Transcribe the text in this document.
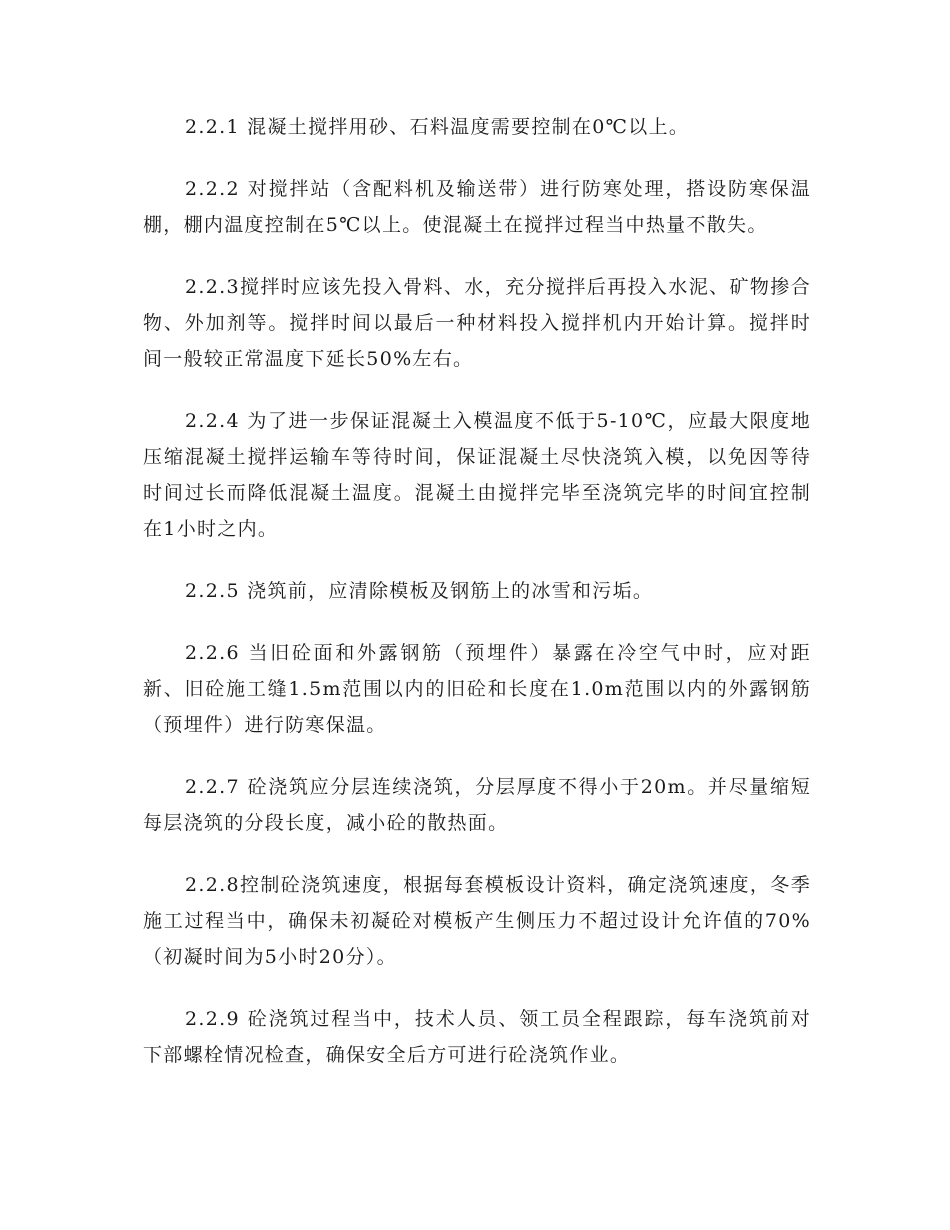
2.2.1 混凝土搅拌用砂、石料温度需要控制在0℃以上。

2.2.2 对搅拌站（含配料机及输送带）进行防寒处理，搭设防寒保温棚，棚内温度控制在5℃以上。使混凝土在搅拌过程当中热量不散失。

2.2.3搅拌时应该先投入骨料、水，充分搅拌后再投入水泥、矿物掺合物、外加剂等。搅拌时间以最后一种材料投入搅拌机内开始计算。搅拌时间一般较正常温度下延长50%左右。

2.2.4 为了进一步保证混凝土入模温度不低于5-10℃，应最大限度地压缩混凝土搅拌运输车等待时间，保证混凝土尽快浇筑入模，以免因等待时间过长而降低混凝土温度。混凝土由搅拌完毕至浇筑完毕的时间宜控制在1小时之内。

2.2.5 浇筑前，应清除模板及钢筋上的冰雪和污垢。

2.2.6 当旧砼面和外露钢筋（预埋件）暴露在冷空气中时，应对距新、旧砼施工缝1.5m范围以内的旧砼和长度在1.0m范围以内的外露钢筋（预埋件）进行防寒保温。

2.2.7 砼浇筑应分层连续浇筑，分层厚度不得小于20m。并尽量缩短每层浇筑的分段长度，减小砼的散热面。

2.2.8控制砼浇筑速度，根据每套模板设计资料，确定浇筑速度，冬季施工过程当中，确保未初凝砼对模板产生侧压力不超过设计允许值的70%（初凝时间为5小时20分）。

2.2.9 砼浇筑过程当中，技术人员、领工员全程跟踪，每车浇筑前对下部螺栓情况检查，确保安全后方可进行砼浇筑作业。
